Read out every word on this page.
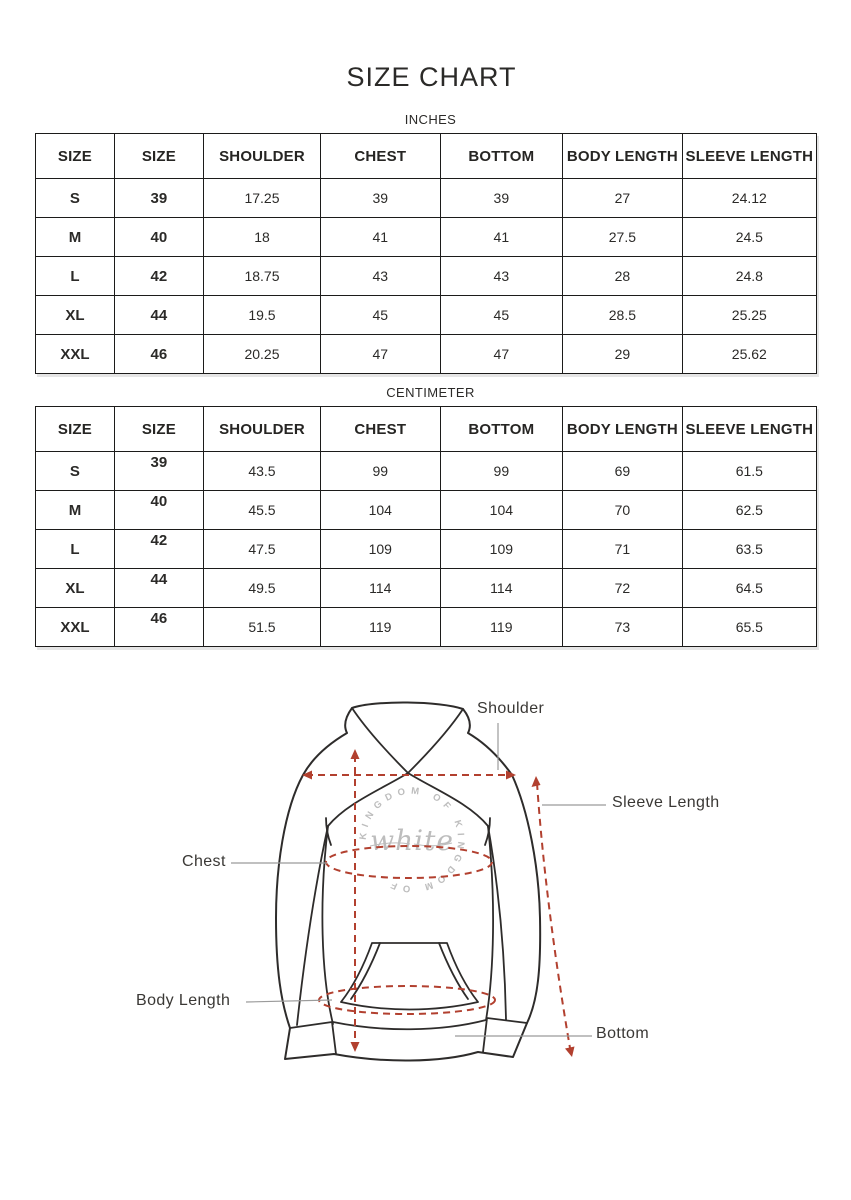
SIZE CHART
INCHES
SIZE	SIZE	SHOULDER	CHEST	BOTTOM	BODY LENGTH	SLEEVE LENGTH
S	39	17.25	39	39	27	24.12
M	40	18	41	41	27.5	24.5
L	42	18.75	43	43	28	24.8
XL	44	19.5	45	45	28.5	25.25
XXL	46	20.25	47	47	29	25.62
CENTIMETER
SIZE	SIZE	SHOULDER	CHEST	BOTTOM	BODY LENGTH	SLEEVE LENGTH
S	39	43.5	99	99	69	61.5
M	40	45.5	104	104	70	62.5
L	42	47.5	109	109	71	63.5
XL	44	49.5	114	114	72	64.5
XXL	46	51.5	119	119	73	65.5
KINGDOM OF KINGDOM OF
white
Shoulder
Sleeve Length
Chest
Body Length
Bottom
